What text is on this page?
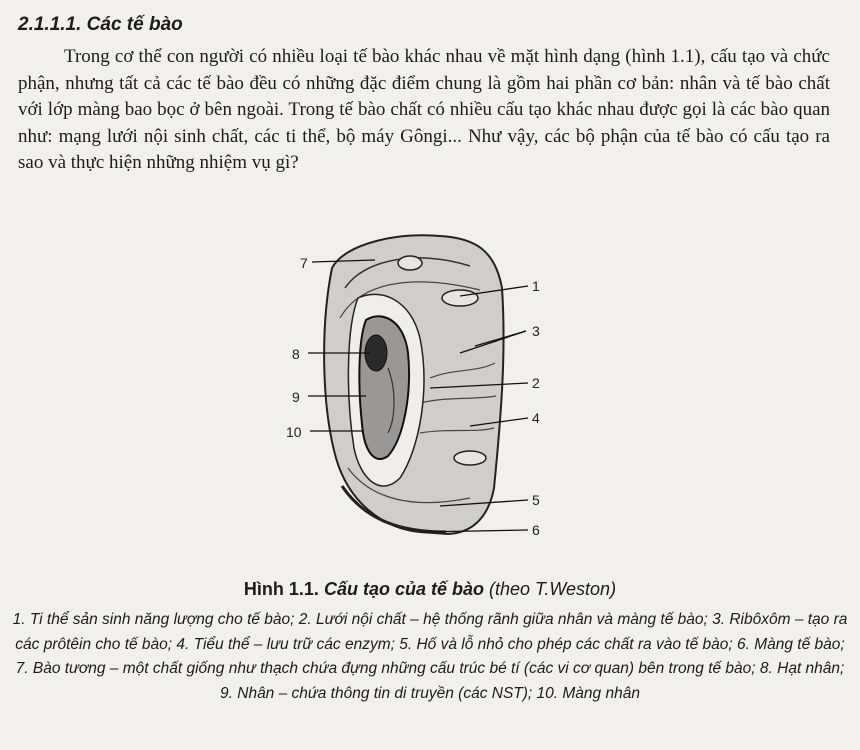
2.1.1.1. Các tế bào
Trong cơ thể con người có nhiều loại tế bào khác nhau về mặt hình dạng (hình 1.1), cấu tạo và chức phận, nhưng tất cả các tế bào đều có những đặc điểm chung là gồm hai phần cơ bản: nhân và tế bào chất với lớp màng bao bọc ở bên ngoài. Trong tế bào chất có nhiều cấu tạo khác nhau được gọi là các bào quan như: mạng lưới nội sinh chất, các ti thể, bộ máy Gôngi... Như vậy, các bộ phận của tế bào có cấu tạo ra sao và thực hiện những nhiệm vụ gì?
7
1
3
8
2
9
4
10
5
6
Hình 1.1. Cấu tạo của tế bào (theo T.Weston)
1. Ti thể sản sinh năng lượng cho tế bào; 2. Lưới nội chất – hệ thống rãnh giữa nhân và màng tế bào; 3. Ribôxôm – tạo ra các prôtêin cho tế bào; 4. Tiểu thể – lưu trữ các enzym; 5. Hố và lỗ nhỏ cho phép các chất ra vào tế bào; 6. Màng tế bào; 7. Bào tương – một chất giống như thạch chứa đựng những cấu trúc bé tí (các vi cơ quan) bên trong tế bào; 8. Hạt nhân; 9. Nhân – chứa thông tin di truyền (các NST); 10. Màng nhân
